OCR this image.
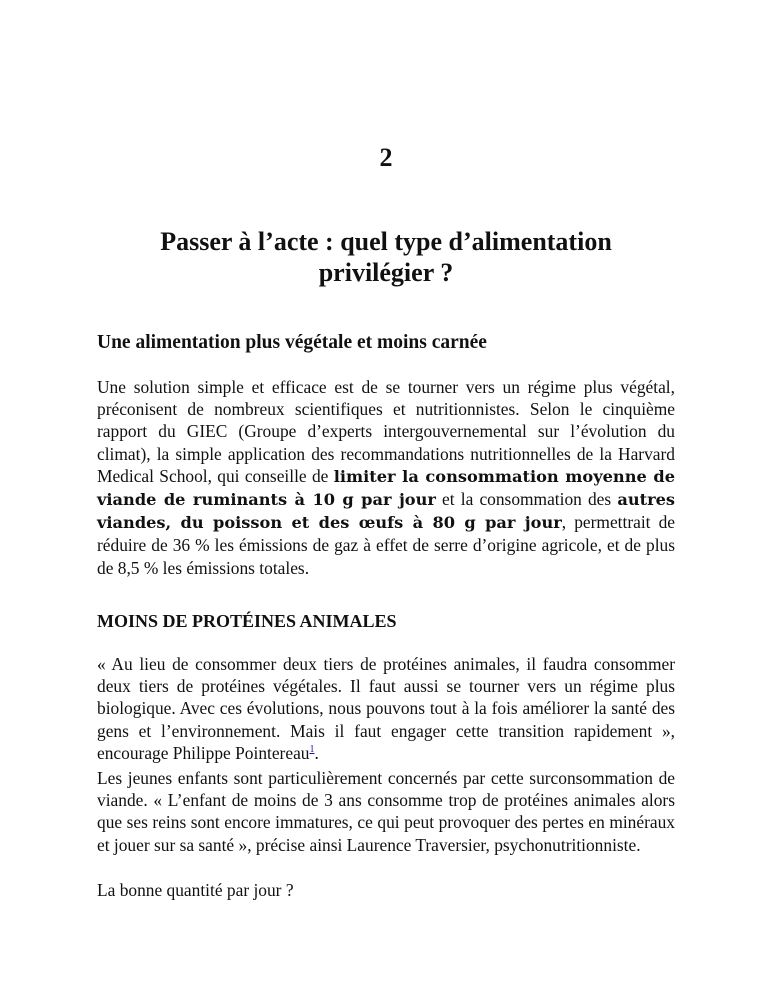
2
Passer à l’acte : quel type d’alimentation privilégier ?
Une alimentation plus végétale et moins carnée

Une solution simple et efficace est de se tourner vers un régime plus végétal, préconisent de nombreux scientifiques et nutritionnistes. Selon le cinquième rapport du GIEC (Groupe d’experts intergouvernemental sur l’évolution du climat), la simple application des recommandations nutritionnelles de la Harvard Medical School, qui conseille de limiter la consommation moyenne de viande de ruminants à 10 g par jour et la consommation des autres viandes, du poisson et des œufs à 80 g par jour, permettrait de réduire de 36 % les émissions de gaz à effet de serre d’origine agricole, et de plus de 8,5 % les émissions totales.

MOINS DE PROTÉINES ANIMALES

« Au lieu de consommer deux tiers de protéines animales, il faudra consommer deux tiers de protéines végétales. Il faut aussi se tourner vers un régime plus biologique. Avec ces évolutions, nous pouvons tout à la fois améliorer la santé des gens et l’environnement. Mais il faut engager cette transition rapidement », encourage Philippe Pointereau$^1$.

Les jeunes enfants sont particulièrement concernés par cette surconsommation de viande. « L’enfant de moins de 3 ans consomme trop de protéines animales alors que ses reins sont encore immatures, ce qui peut provoquer des pertes en minéraux et jouer sur sa santé », précise ainsi Laurence Traversier, psychonutritionniste.

La bonne quantité par jour ?
